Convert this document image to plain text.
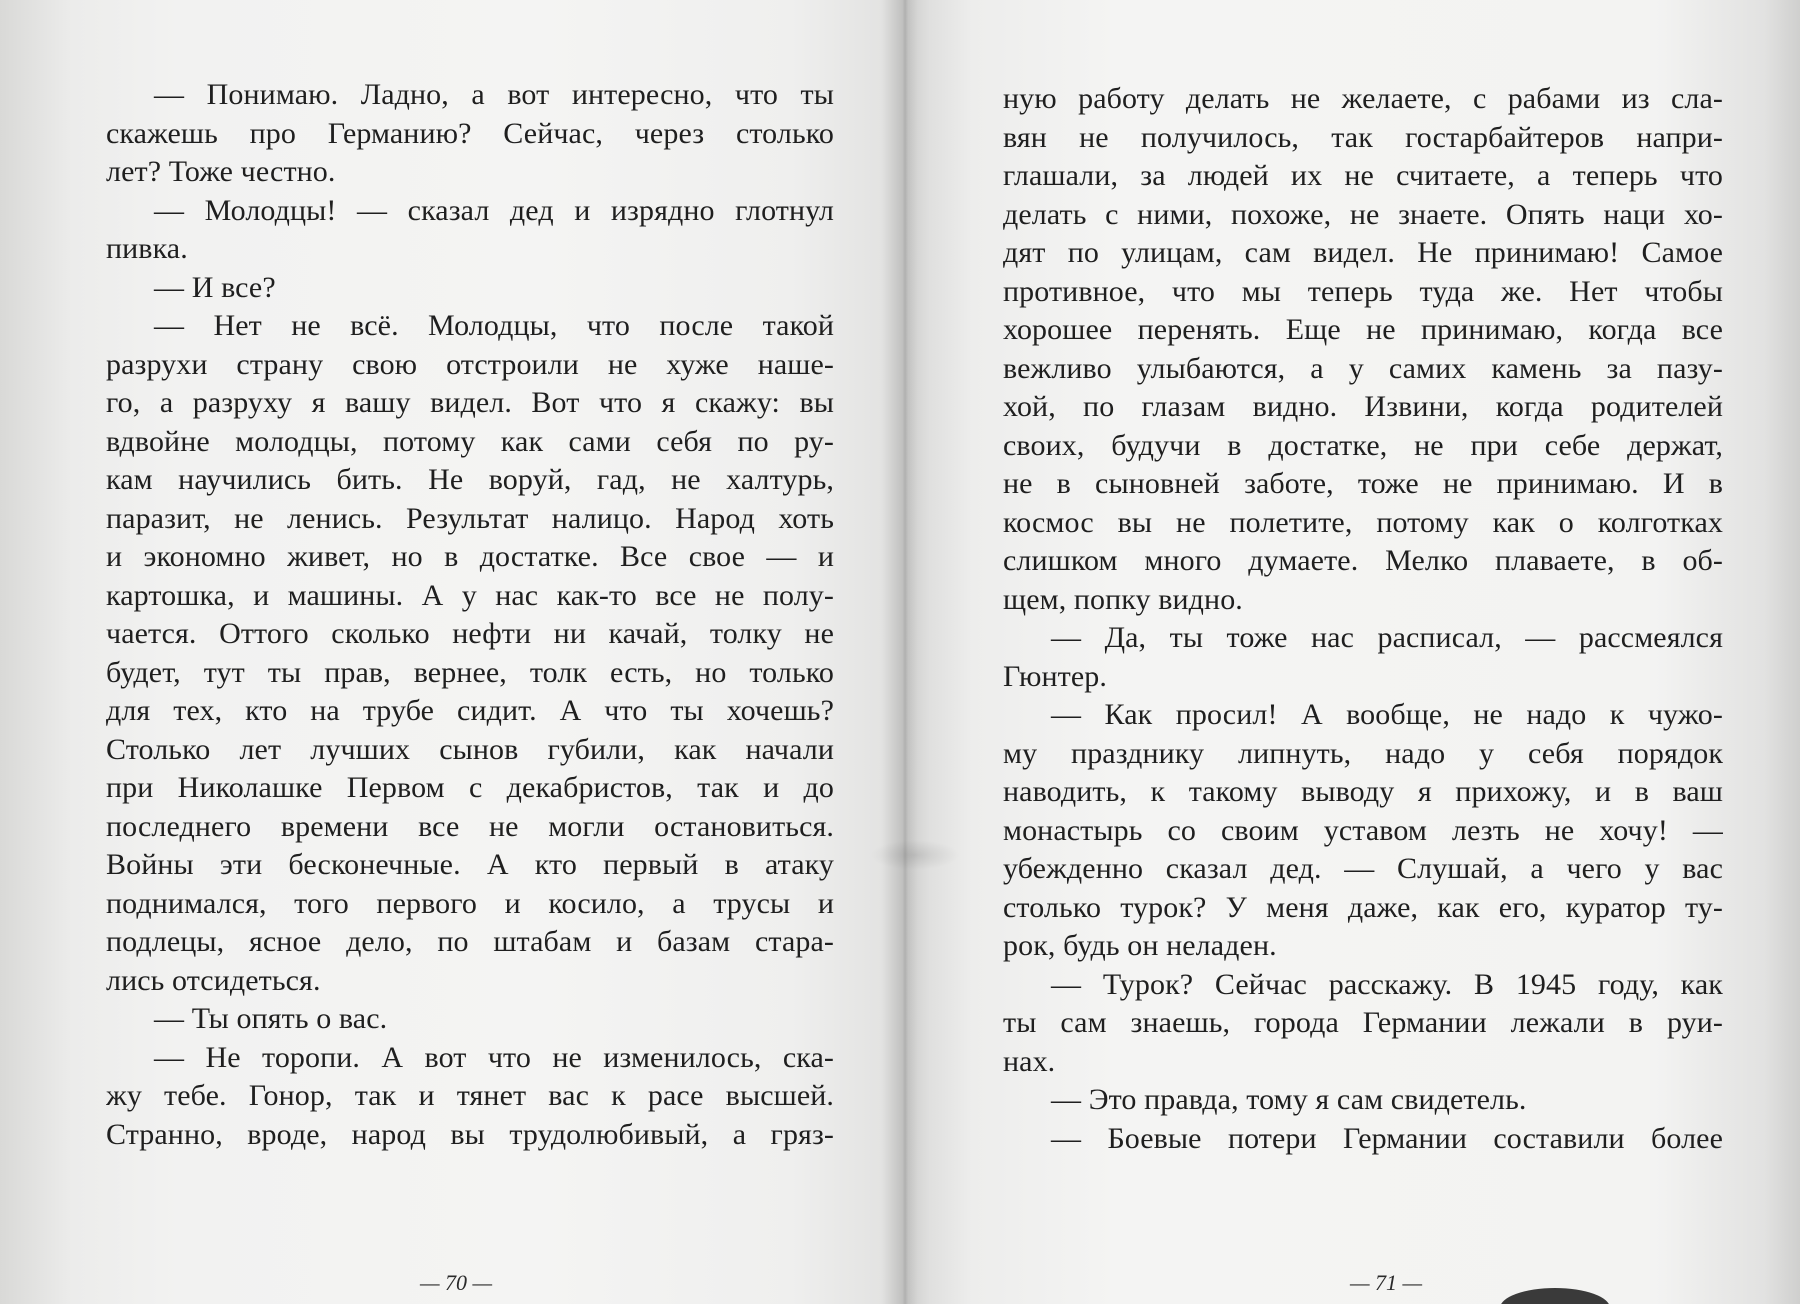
— Понимаю. Ладно, а вот интересно, что ты
скажешь про Германию? Сейчас, через столько
лет? Тоже честно.
— Молодцы! — сказал дед и изрядно глотнул
пивка.
— И все?
— Нет не всё. Молодцы, что после такой
разрухи страну свою отстроили не хуже наше-
го, а разруху я вашу видел. Вот что я скажу: вы
вдвойне молодцы, потому как сами себя по ру-
кам научились бить. Не воруй, гад, не халтурь,
паразит, не ленись. Результат налицо. Народ хоть
и экономно живет, но в достатке. Все свое — и
картошка, и машины. А у нас как-то все не полу-
чается. Оттого сколько нефти ни качай, толку не
будет, тут ты прав, вернее, толк есть, но только
для тех, кто на трубе сидит. А что ты хочешь?
Столько лет лучших сынов губили, как начали
при Николашке Первом с декабристов, так и до
последнего времени все не могли остановиться.
Войны эти бесконечные. А кто первый в атаку
поднимался, того первого и косило, а трусы и
подлецы, ясное дело, по штабам и базам стара-
лись отсидеться.
— Ты опять о вас.
— Не торопи. А вот что не изменилось, ска-
жу тебе. Гонор, так и тянет вас к расе высшей.
Странно, вроде, народ вы трудолюбивый, а гряз-
— 70 —
ную работу делать не желаете, с рабами из сла-
вян не получилось, так гостарбайтеров напри-
глашали, за людей их не считаете, а теперь что
делать с ними, похоже, не знаете. Опять наци хо-
дят по улицам, сам видел. Не принимаю! Самое
противное, что мы теперь туда же. Нет чтобы
хорошее перенять. Еще не принимаю, когда все
вежливо улыбаются, а у самих камень за пазу-
хой, по глазам видно. Извини, когда родителей
своих, будучи в достатке, не при себе держат,
не в сыновней заботе, тоже не принимаю. И в
космос вы не полетите, потому как о колготках
слишком много думаете. Мелко плаваете, в об-
щем, попку видно.
— Да, ты тоже нас расписал, — рассмеялся
Гюнтер.
— Как просил! А вообще, не надо к чужо-
му празднику липнуть, надо у себя порядок
наводить, к такому выводу я прихожу, и в ваш
монастырь со своим уставом лезть не хочу! —
убежденно сказал дед. — Слушай, а чего у вас
столько турок? У меня даже, как его, куратор ту-
рок, будь он неладен.
— Турок? Сейчас расскажу. В 1945 году, как
ты сам знаешь, города Германии лежали в руи-
нах.
— Это правда, тому я сам свидетель.
— Боевые потери Германии составили более
— 71 —
